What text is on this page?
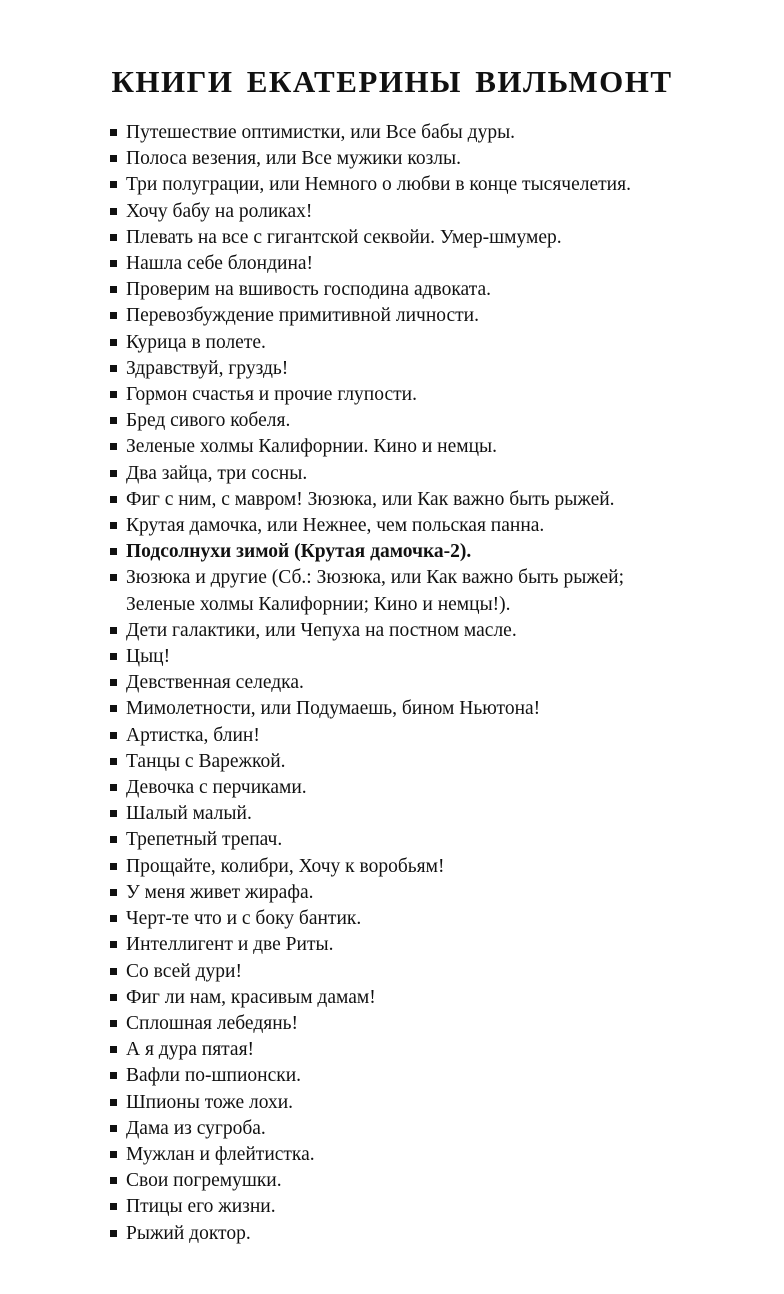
КНИГИ ЕКАТЕРИНЫ ВИЛЬМОНТ
Путешествие оптимистки, или Все бабы дуры.
Полоса везения, или Все мужики козлы.
Три полуграции, или Немного о любви в конце тысячелетия.
Хочу бабу на роликах!
Плевать на все с гигантской секвойи. Умер-шмумер.
Нашла себе блондина!
Проверим на вшивость господина адвоката.
Перевозбуждение примитивной личности.
Курица в полете.
Здравствуй, груздь!
Гормон счастья и прочие глупости.
Бред сивого кобеля.
Зеленые холмы Калифорнии. Кино и немцы.
Два зайца, три сосны.
Фиг с ним, с мавром! Зюзюка, или Как важно быть рыжей.
Крутая дамочка, или Нежнее, чем польская панна.
Подсолнухи зимой (Крутая дамочка-2).
Зюзюка и другие (Сб.: Зюзюка, или Как важно быть рыжей;
Зеленые холмы Калифорнии; Кино и немцы!).
Дети галактики, или Чепуха на постном масле.
Цыц!
Девственная селедка.
Мимолетности, или Подумаешь, бином Ньютона!
Артистка, блин!
Танцы с Варежкой.
Девочка с перчиками.
Шалый малый.
Трепетный трепач.
Прощайте, колибри, Хочу к воробьям!
У меня живет жирафа.
Черт-те что и с боку бантик.
Интеллигент и две Риты.
Со всей дури!
Фиг ли нам, красивым дамам!
Сплошная лебедянь!
А я дура пятая!
Вафли по-шпионски.
Шпионы тоже лохи.
Дама из сугроба.
Мужлан и флейтистка.
Свои погремушки.
Птицы его жизни.
Рыжий доктор.
